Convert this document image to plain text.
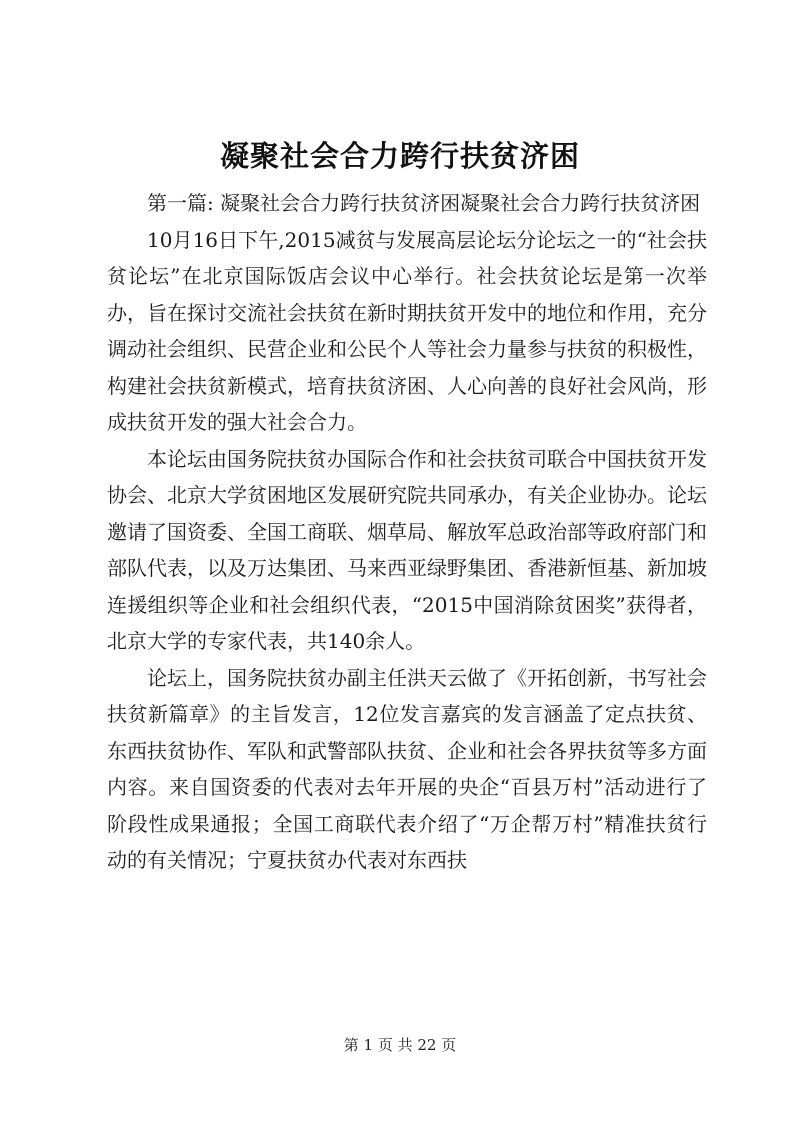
凝聚社会合力跨行扶贫济困

第一篇: 凝聚社会合力跨行扶贫济困凝聚社会合力跨行扶贫济困

10月16日下午,2015减贫与发展高层论坛分论坛之一的“社会扶贫论坛”在北京国际饭店会议中心举行。社会扶贫论坛是第一次举办，旨在探讨交流社会扶贫在新时期扶贫开发中的地位和作用，充分调动社会组织、民营企业和公民个人等社会力量参与扶贫的积极性，构建社会扶贫新模式，培育扶贫济困、人心向善的良好社会风尚，形成扶贫开发的强大社会合力。

本论坛由国务院扶贫办国际合作和社会扶贫司联合中国扶贫开发协会、北京大学贫困地区发展研究院共同承办，有关企业协办。论坛邀请了国资委、全国工商联、烟草局、解放军总政治部等政府部门和部队代表，以及万达集团、马来西亚绿野集团、香港新恒基、新加坡连援组织等企业和社会组织代表，“2015中国消除贫困奖”获得者，北京大学的专家代表，共140余人。

论坛上，国务院扶贫办副主任洪天云做了《开拓创新，书写社会扶贫新篇章》的主旨发言，12位发言嘉宾的发言涵盖了定点扶贫、东西扶贫协作、军队和武警部队扶贫、企业和社会各界扶贫等多方面内容。来自国资委的代表对去年开展的央企“百县万村”活动进行了阶段性成果通报；全国工商联代表介绍了“万企帮万村”精准扶贫行动的有关情况；宁夏扶贫办代表对东西扶

第 1 页 共 22 页
